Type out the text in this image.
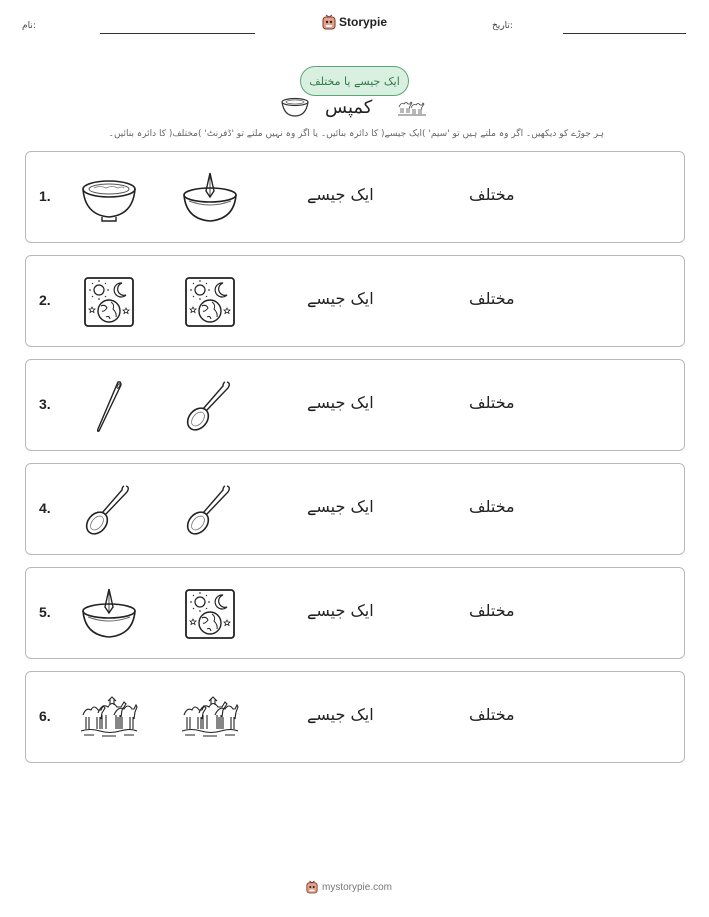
نام:	Storypie	تاریخ:
ایک جیسے یا مختلف
کمپس
ہر جوڑے کو دیکھیں۔ اگر وہ ملتے ہیں تو 'سیم' )ایک جیسے( کا دائرہ بنائیں۔ یا اگر وہ نہیں ملتے تو 'ڈفرنٹ' )مختلف( کا دائرہ بنائیں۔
1.	ایک جیسے	مختلف
2.	ایک جیسے	مختلف
3.	ایک جیسے	مختلف
4.	ایک جیسے	مختلف
5.	ایک جیسے	مختلف
6.	ایک جیسے	مختلف
mystorypie.com
